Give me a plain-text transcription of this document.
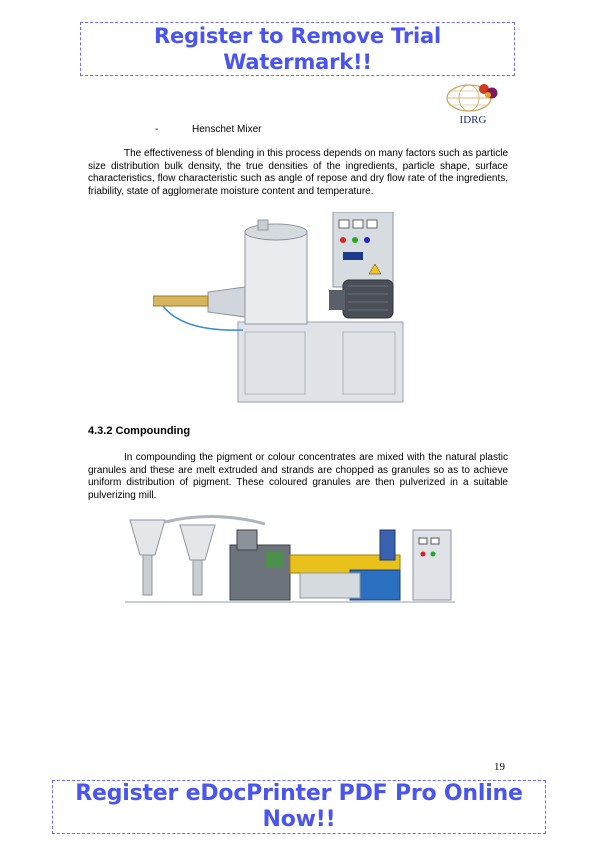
Register to Remove Trial Watermark!!
IDRG
-	Henschet Mixer

The effectiveness of blending in this process depends on many factors such as particle size distribution bulk density, the true densities of the ingredients, particle shape, surface characteristics, flow characteristic such as angle of repose and dry flow rate of the ingredients, friability, state of agglomerate moisture content and temperature.

4.3.2 Compounding

In compounding the pigment or colour concentrates are mixed with the natural plastic granules and these are melt extruded and strands are chopped as granules so as to achieve uniform distribution of pigment. These coloured granules are then pulverized in a suitable pulverizing mill.

19
Register eDocPrinter PDF Pro Online Now!!
